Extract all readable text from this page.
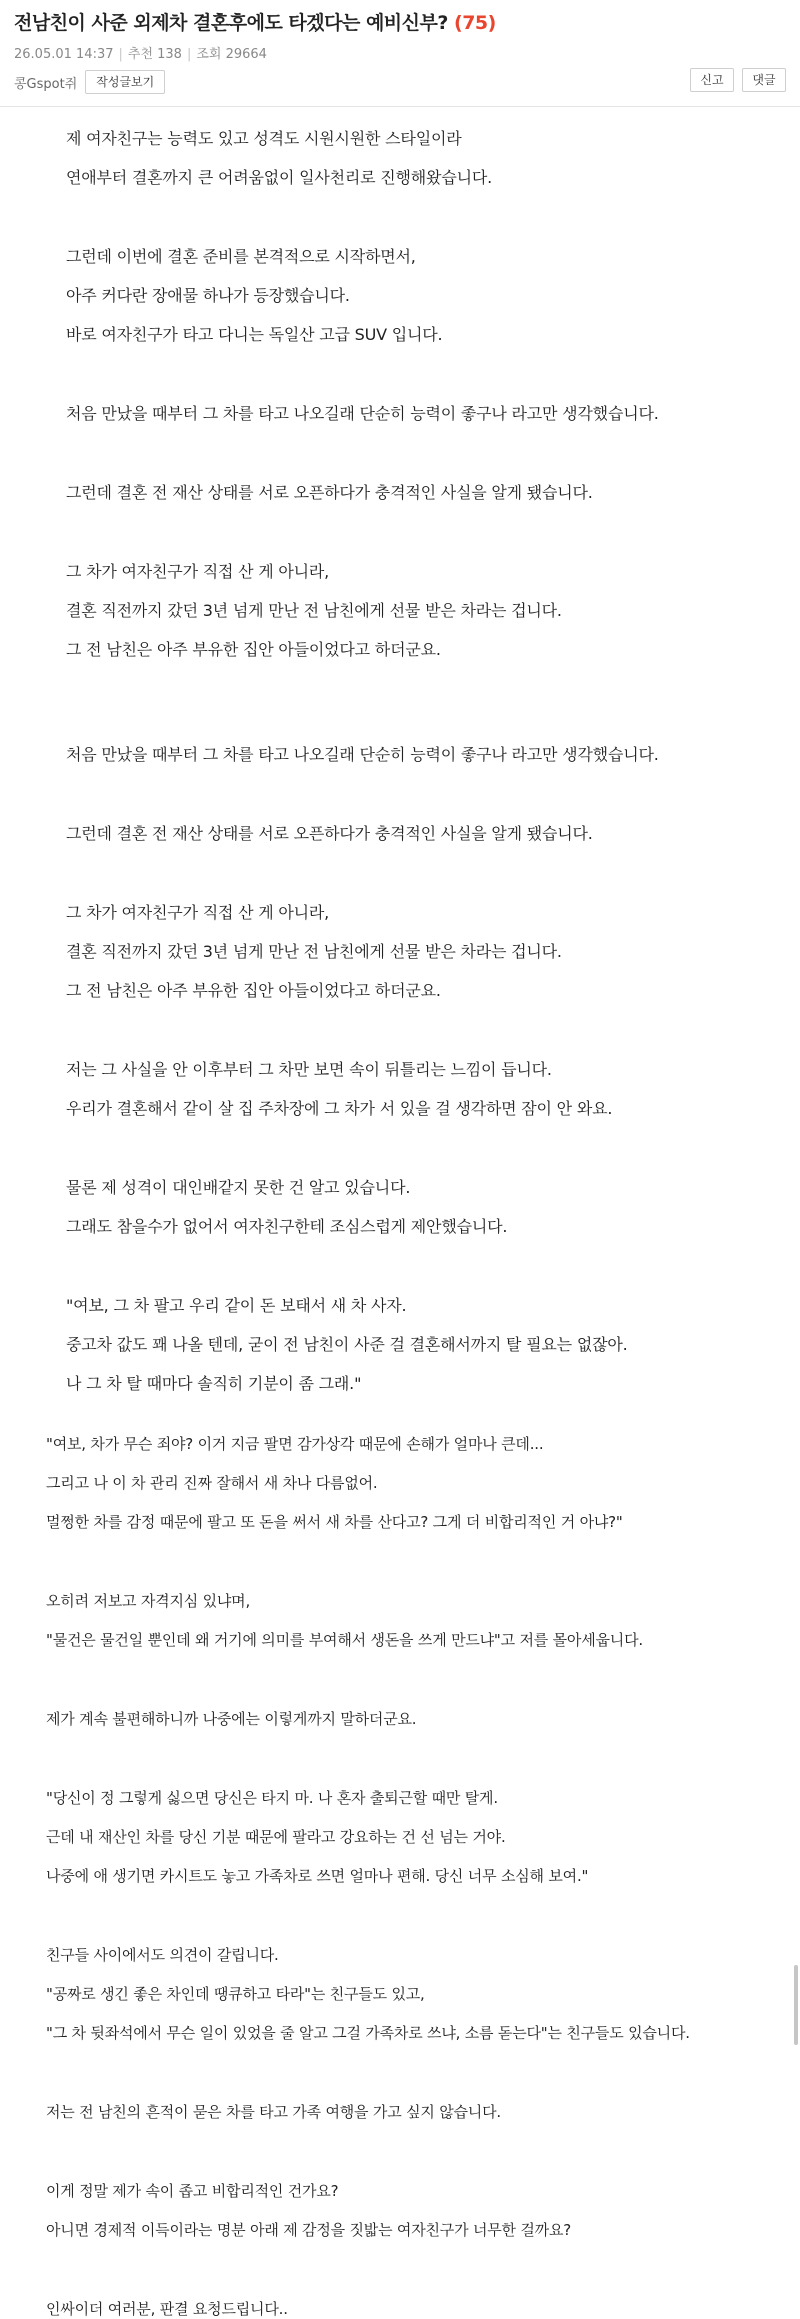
전남친이 사준 외제차 결혼후에도 타겠다는 예비신부? (75)
26.05.01 14:37 | 추천 138 | 조회 29664
콩Gspot쥐	작성글보기	신고	댓글
제 여자친구는 능력도 있고 성격도 시원시원한 스타일이라
연애부터 결혼까지 큰 어려움없이 일사천리로 진행해왔습니다.
그런데 이번에 결혼 준비를 본격적으로 시작하면서,
아주 커다란 장애물 하나가 등장했습니다.
바로 여자친구가 타고 다니는 독일산 고급 SUV 입니다.
처음 만났을 때부터 그 차를 타고 나오길래 단순히 능력이 좋구나 라고만 생각했습니다.
그런데 결혼 전 재산 상태를 서로 오픈하다가 충격적인 사실을 알게 됐습니다.
그 차가 여자친구가 직접 산 게 아니라,
결혼 직전까지 갔던 3년 넘게 만난 전 남친에게 선물 받은 차라는 겁니다.
그 전 남친은 아주 부유한 집안 아들이었다고 하더군요.
처음 만났을 때부터 그 차를 타고 나오길래 단순히 능력이 좋구나 라고만 생각했습니다.
그런데 결혼 전 재산 상태를 서로 오픈하다가 충격적인 사실을 알게 됐습니다.
그 차가 여자친구가 직접 산 게 아니라,
결혼 직전까지 갔던 3년 넘게 만난 전 남친에게 선물 받은 차라는 겁니다.
그 전 남친은 아주 부유한 집안 아들이었다고 하더군요.
저는 그 사실을 안 이후부터 그 차만 보면 속이 뒤틀리는 느낌이 듭니다.
우리가 결혼해서 같이 살 집 주차장에 그 차가 서 있을 걸 생각하면 잠이 안 와요.
물론 제 성격이 대인배같지 못한 건 알고 있습니다.
그래도 참을수가 없어서 여자친구한테 조심스럽게 제안했습니다.
"여보, 그 차 팔고 우리 같이 돈 보태서 새 차 사자.
중고차 값도 꽤 나올 텐데, 굳이 전 남친이 사준 걸 결혼해서까지 탈 필요는 없잖아.
나 그 차 탈 때마다 솔직히 기분이 좀 그래."
"여보, 차가 무슨 죄야? 이거 지금 팔면 감가상각 때문에 손해가 얼마나 큰데...
그리고 나 이 차 관리 진짜 잘해서 새 차나 다름없어.
멀쩡한 차를 감정 때문에 팔고 또 돈을 써서 새 차를 산다고? 그게 더 비합리적인 거 아냐?"
오히려 저보고 자격지심 있냐며,
"물건은 물건일 뿐인데 왜 거기에 의미를 부여해서 생돈을 쓰게 만드냐"고 저를 몰아세웁니다.
제가 계속 불편해하니까 나중에는 이렇게까지 말하더군요.
"당신이 정 그렇게 싫으면 당신은 타지 마. 나 혼자 출퇴근할 때만 탈게.
근데 내 재산인 차를 당신 기분 때문에 팔라고 강요하는 건 선 넘는 거야.
나중에 애 생기면 카시트도 놓고 가족차로 쓰면 얼마나 편해. 당신 너무 소심해 보여."
친구들 사이에서도 의견이 갈립니다.
"공짜로 생긴 좋은 차인데 땡큐하고 타라"는 친구들도 있고,
"그 차 뒷좌석에서 무슨 일이 있었을 줄 알고 그걸 가족차로 쓰냐, 소름 돋는다"는 친구들도 있습니다.
저는 전 남친의 흔적이 묻은 차를 타고 가족 여행을 가고 싶지 않습니다.
이게 정말 제가 속이 좁고 비합리적인 건가요?
아니면 경제적 이득이라는 명분 아래 제 감정을 짓밟는 여자친구가 너무한 걸까요?
인싸이더 여러분, 판결 요청드립니다..
